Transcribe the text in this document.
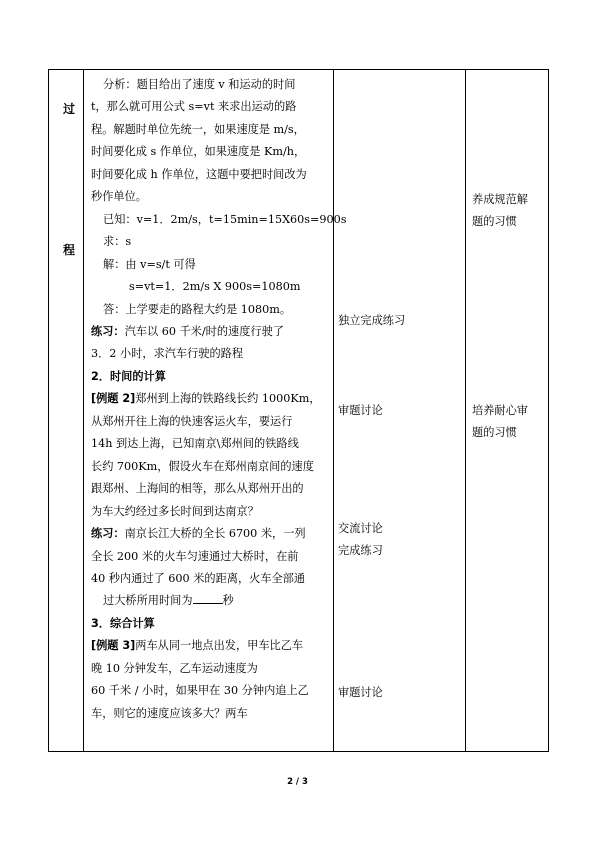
过
程

分析：题目给出了速度 v 和运动的时间

t，那么就可用公式 s=vt 来求出运动的路

程。解题时单位先统一，如果速度是 m/s，

时间要化成 s 作单位，如果速度是 Km/h，

时间要化成 h 作单位，这题中要把时间改为

秒作单位。

已知：v=1．2m/s，t=15min=15X60s=900s

求：s

解：由 v=s/t 可得

s=vt=1．2m/s X 900s=1080m

答：上学要走的路程大约是 1080m。

练习：汽车以 60 千米/时的速度行驶了

3．2 小时，求汽车行驶的路程

2．时间的计算

[例题 2]郑州到上海的铁路线长约 1000Km，

从郑州开往上海的快速客运火车，要运行

14h 到达上海，已知南京\郑州间的铁路线

长约 700Km，假设火车在郑州南京间的速度

跟郑州、上海间的相等，那么从郑州开出的

为车大约经过多长时间到达南京？

练习：南京长江大桥的全长 6700 米，一列

全长 200 米的火车匀速通过大桥时，在前

40 秒内通过了 600 米的距离，火车全部通

过大桥所用时间为	秒

3．综合计算

[例题 3]两车从同一地点出发，甲车比乙车

晚 10 分钟发车，乙车运动速度为

60 千米 / 小时，如果甲在 30 分钟内追上乙

车，则它的速度应该多大？两车

独立完成练习
审题讨论
交流讨论
完成练习
审题讨论
养成规范解
题的习惯
培养耐心审
题的习惯
2 / 3
